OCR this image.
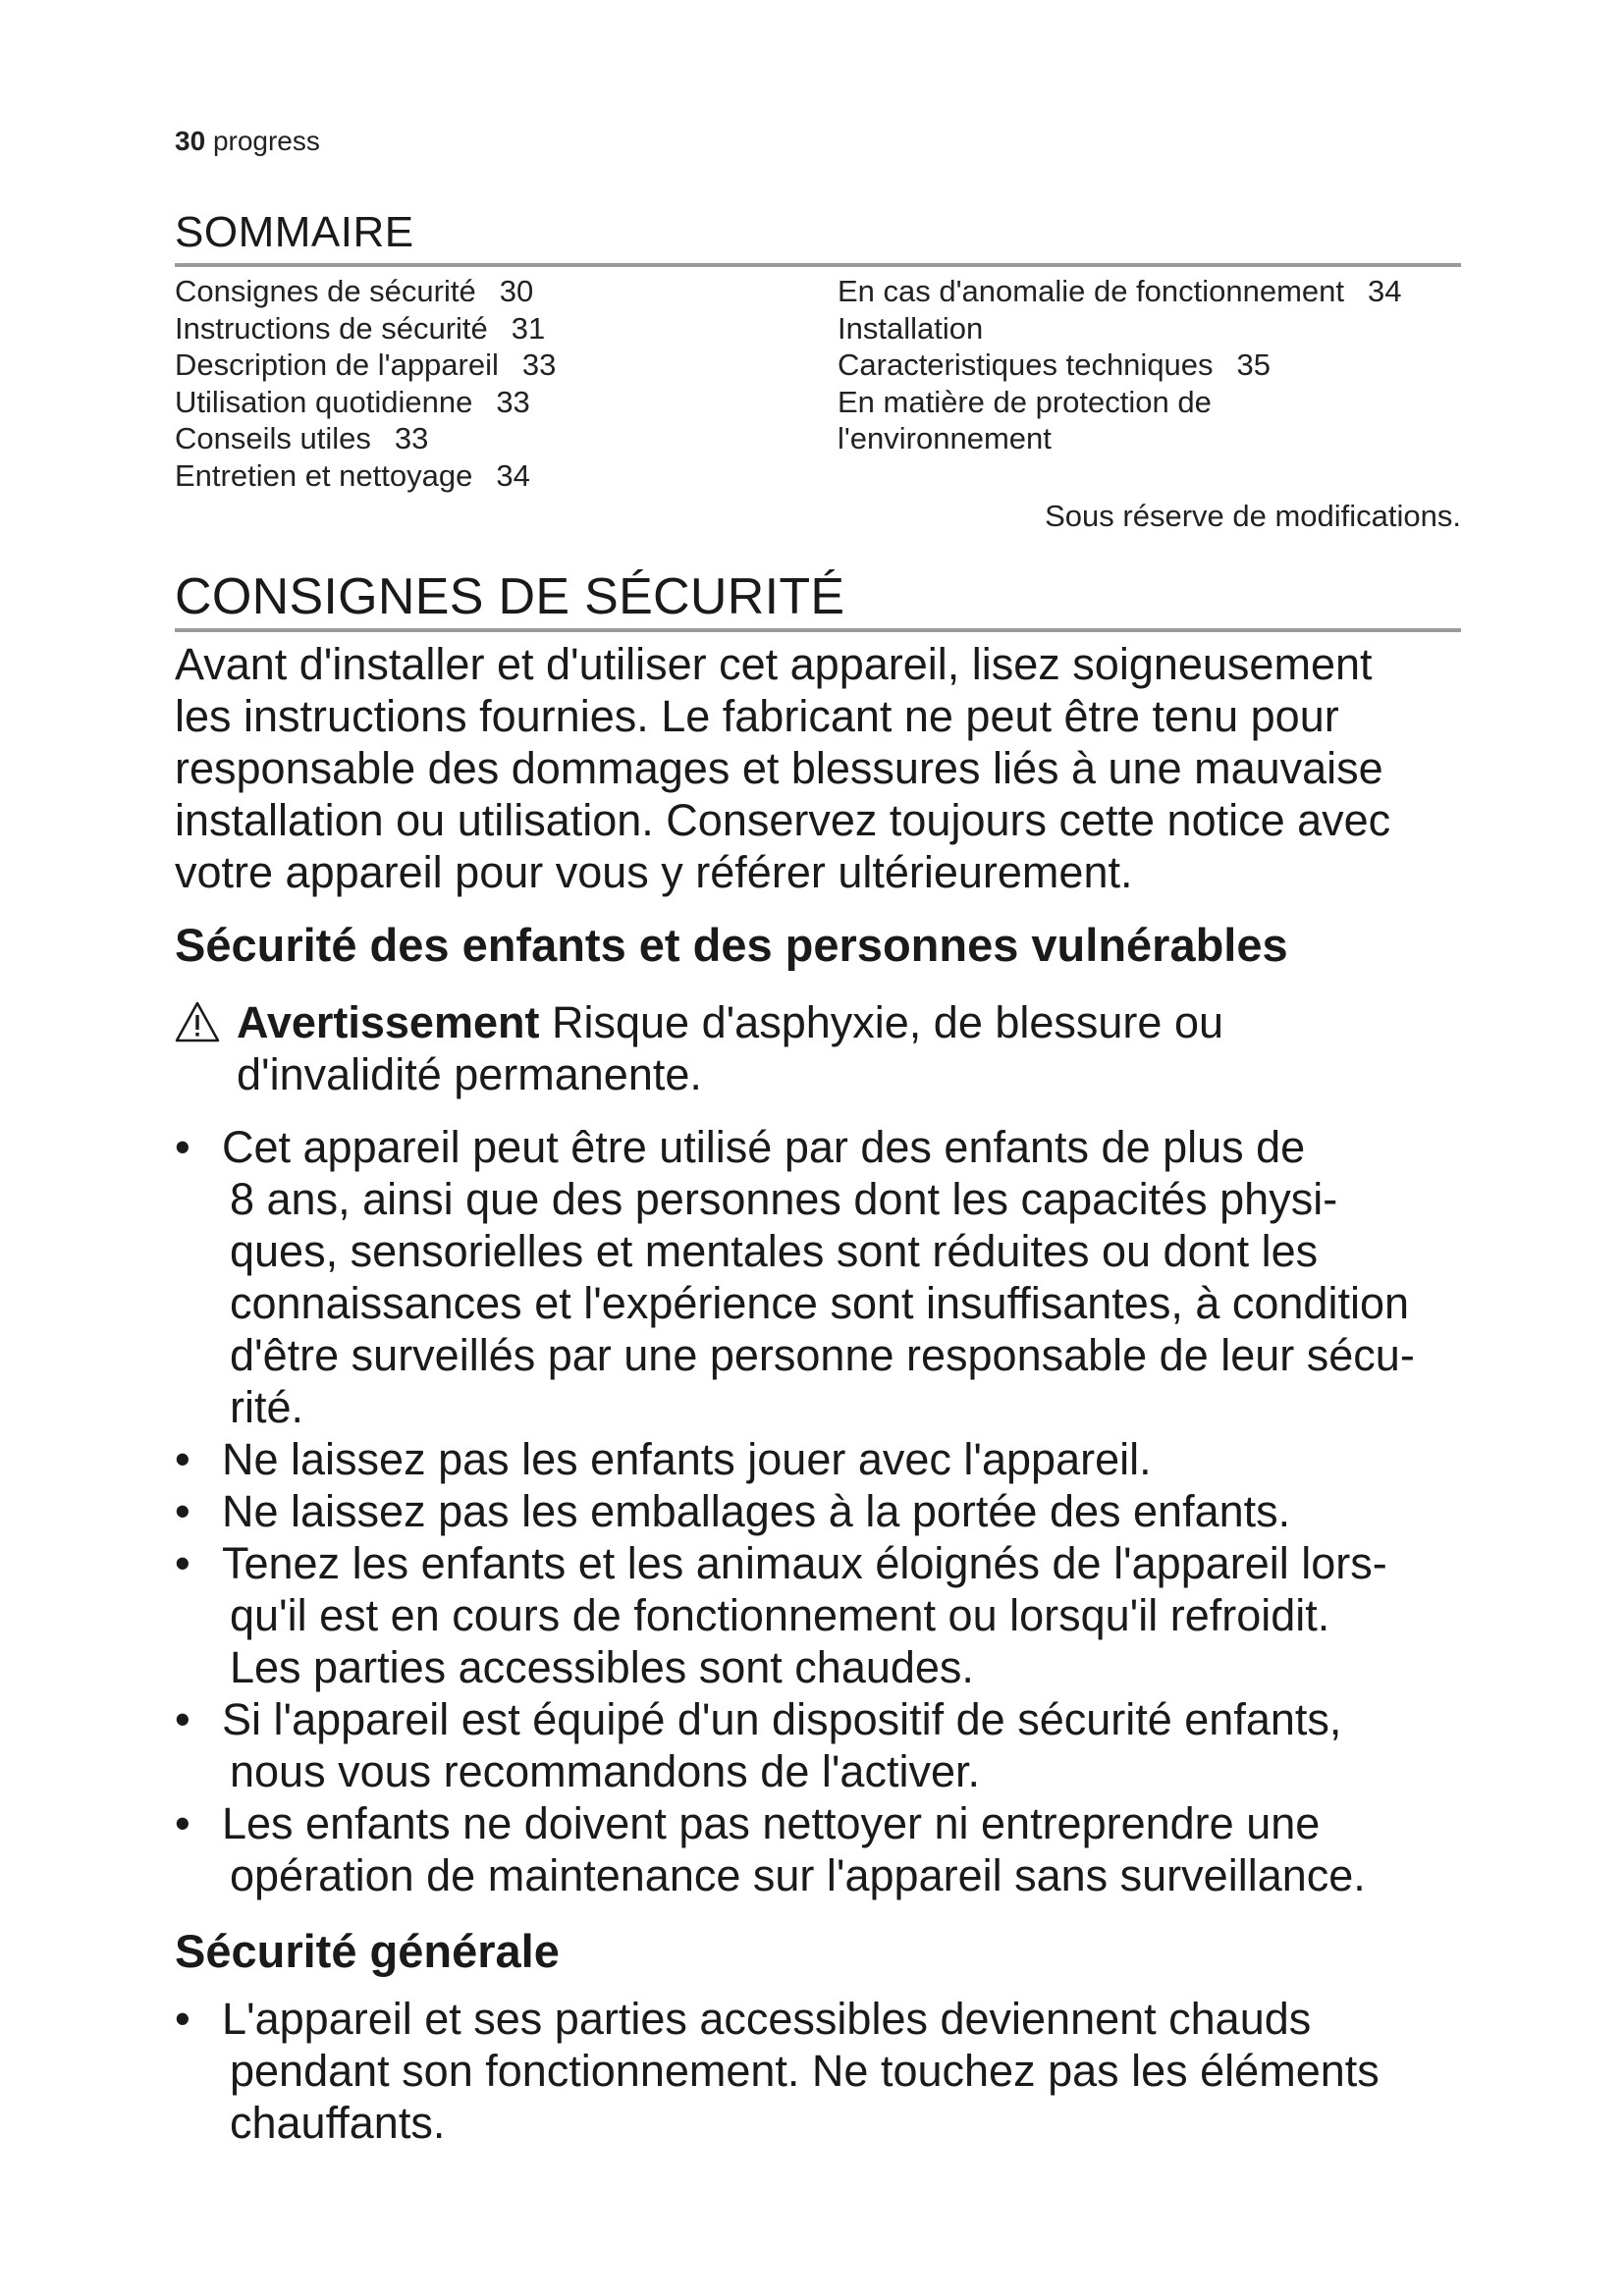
30 progress
SOMMAIRE
Consignes de sécurité 30
Instructions de sécurité 31
Description de l'appareil 33
Utilisation quotidienne 33
Conseils utiles 33
Entretien et nettoyage 34
En cas d'anomalie de fonctionnement 34
Installation
Caracteristiques techniques 35
En matière de protection de
l'environnement
Sous réserve de modifications.
CONSIGNES DE SÉCURITÉ

Avant d'installer et d'utiliser cet appareil, lisez soigneusement
les instructions fournies. Le fabricant ne peut être tenu pour
responsable des dommages et blessures liés à une mauvaise
installation ou utilisation. Conservez toujours cette notice avec
votre appareil pour vous y référer ultérieurement.

Sécurité des enfants et des personnes vulnérables
Avertissement Risque d'asphyxie, de blessure ou
d'invalidité permanente.
• Cet appareil peut être utilisé par des enfants de plus de
8 ans, ainsi que des personnes dont les capacités physi-
ques, sensorielles et mentales sont réduites ou dont les
connaissances et l'expérience sont insuffisantes, à condition
d'être surveillés par une personne responsable de leur sécu-
rité.
• Ne laissez pas les enfants jouer avec l'appareil.
• Ne laissez pas les emballages à la portée des enfants.
• Tenez les enfants et les animaux éloignés de l'appareil lors-
qu'il est en cours de fonctionnement ou lorsqu'il refroidit.
Les parties accessibles sont chaudes.
• Si l'appareil est équipé d'un dispositif de sécurité enfants,
nous vous recommandons de l'activer.
• Les enfants ne doivent pas nettoyer ni entreprendre une
opération de maintenance sur l'appareil sans surveillance.
Sécurité générale
• L'appareil et ses parties accessibles deviennent chauds
pendant son fonctionnement. Ne touchez pas les éléments
chauffants.
